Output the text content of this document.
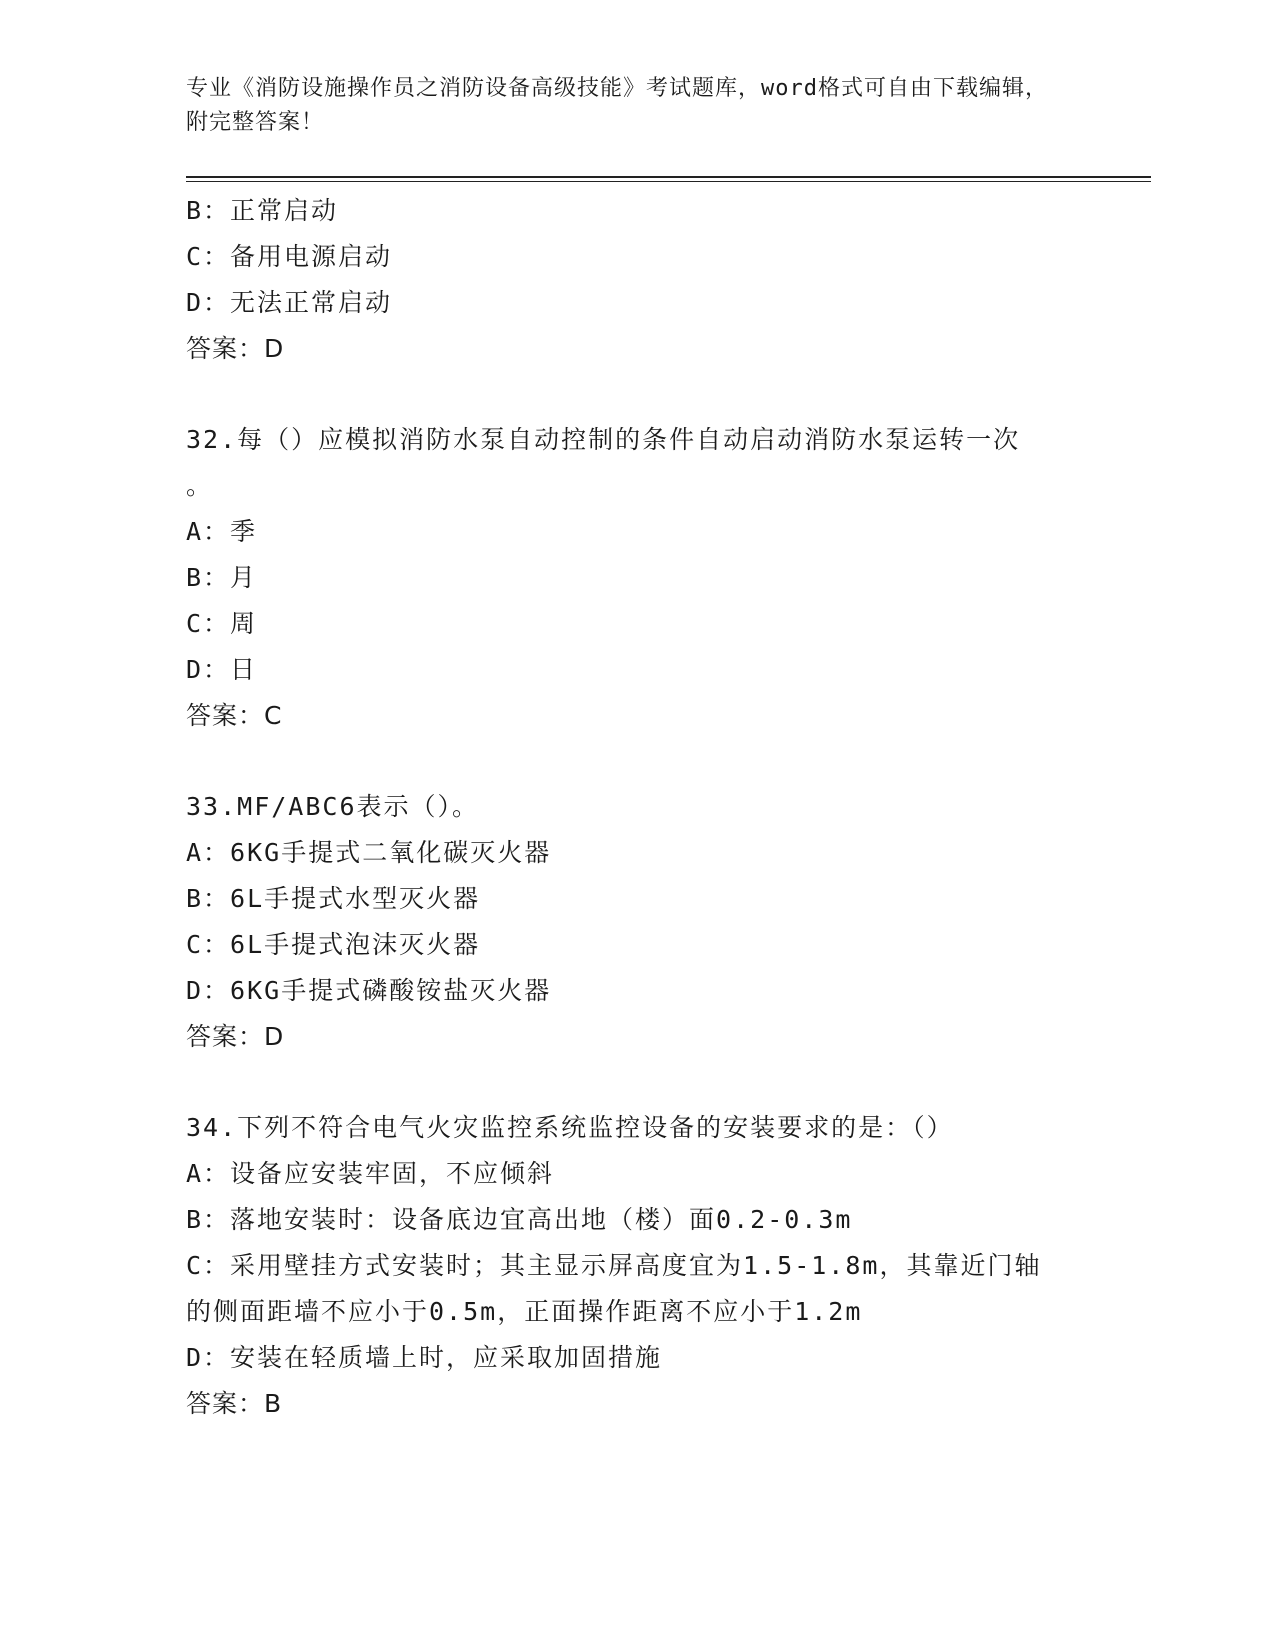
专业《消防设施操作员之消防设备高级技能》考试题库，word格式可自由下载编辑，附完整答案！
B：正常启动
C：备用电源启动
D：无法正常启动
答案：D
32.每（）应模拟消防水泵自动控制的条件自动启动消防水泵运转一次
。
A：季
B：月
C：周
D：日
答案：C
33.MF/ABC6表示（）。
A：6KG手提式二氧化碳灭火器
B：6L手提式水型灭火器
C：6L手提式泡沫灭火器
D：6KG手提式磷酸铵盐灭火器
答案：D
34.下列不符合电气火灾监控系统监控设备的安装要求的是：（）
A：设备应安装牢固，不应倾斜
B：落地安装时：设备底边宜高出地（楼）面0.2-0.3m
C：采用壁挂方式安装时；其主显示屏高度宜为1.5-1.8m，其靠近门轴
的侧面距墙不应小于0.5m，正面操作距离不应小于1.2m
D：安装在轻质墙上时，应采取加固措施
答案：B
